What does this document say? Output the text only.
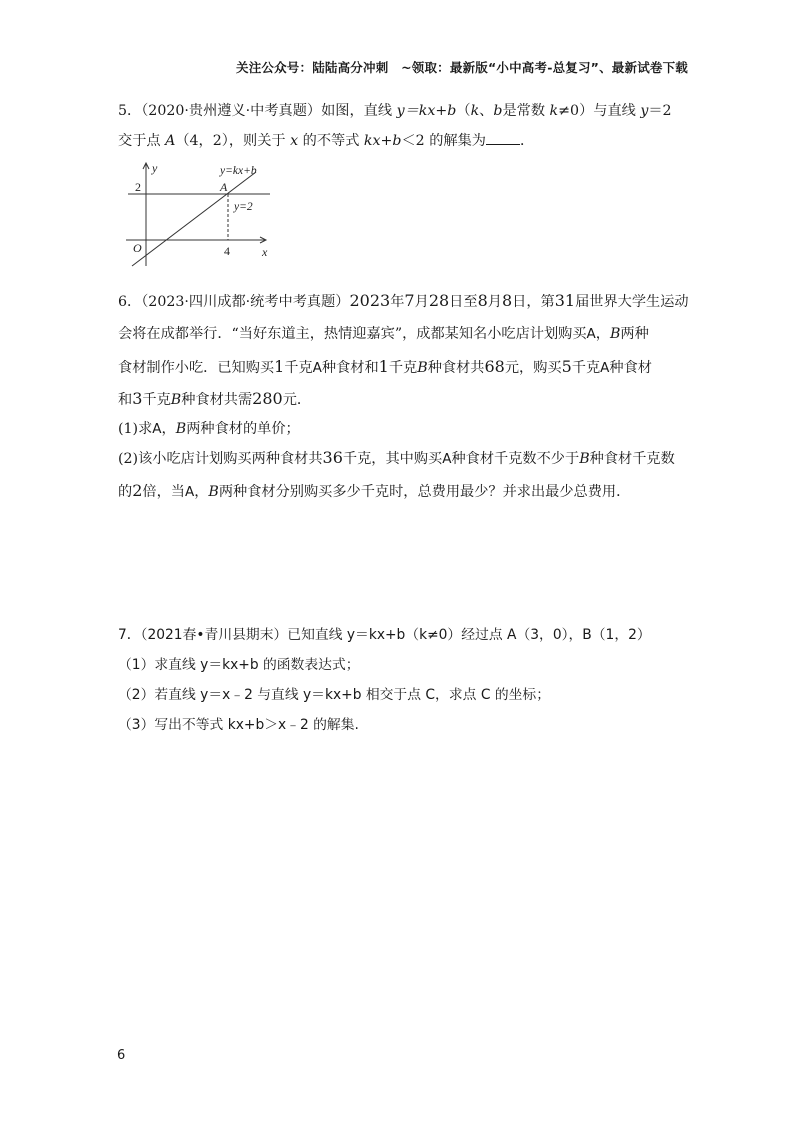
关注公众号：陆陆高分冲刺　~领取：最新版“小中高考-总复习”、最新试卷下载
5．（2020·贵州遵义·中考真题）如图，直线 y＝kx+b（k、b是常数 k≠0）与直线 y＝2
交于点 A（4，2），则关于 x 的不等式 kx+b＜2 的解集为 ．
6．（2023·四川成都·统考中考真题）2023年7月28日至8月8日，第31届世界大学生运动
会将在成都举行．“当好东道主，热情迎嘉宾”，成都某知名小吃店计划购买A，B两种
食材制作小吃．已知购买1千克A种食材和1千克B种食材共68元，购买5千克A种食材
和3千克B种食材共需280元．
(1)求A，B两种食材的单价；
(2)该小吃店计划购买两种食材共36千克，其中购买A种食材千克数不少于B种食材千克数
的2倍，当A，B两种食材分别购买多少千克时，总费用最少？并求出最少总费用．
7．（2021春•青川县期末）已知直线 y＝kx+b（k≠0）经过点 A（3，0），B（1，2）
（1）求直线 y＝kx+b 的函数表达式；
（2）若直线 y＝x﹣2 与直线 y＝kx+b 相交于点 C，求点 C 的坐标；
（3）写出不等式 kx+b＞x﹣2 的解集.
y
x
O
2
4
A
y=kx+b
y=2
6
